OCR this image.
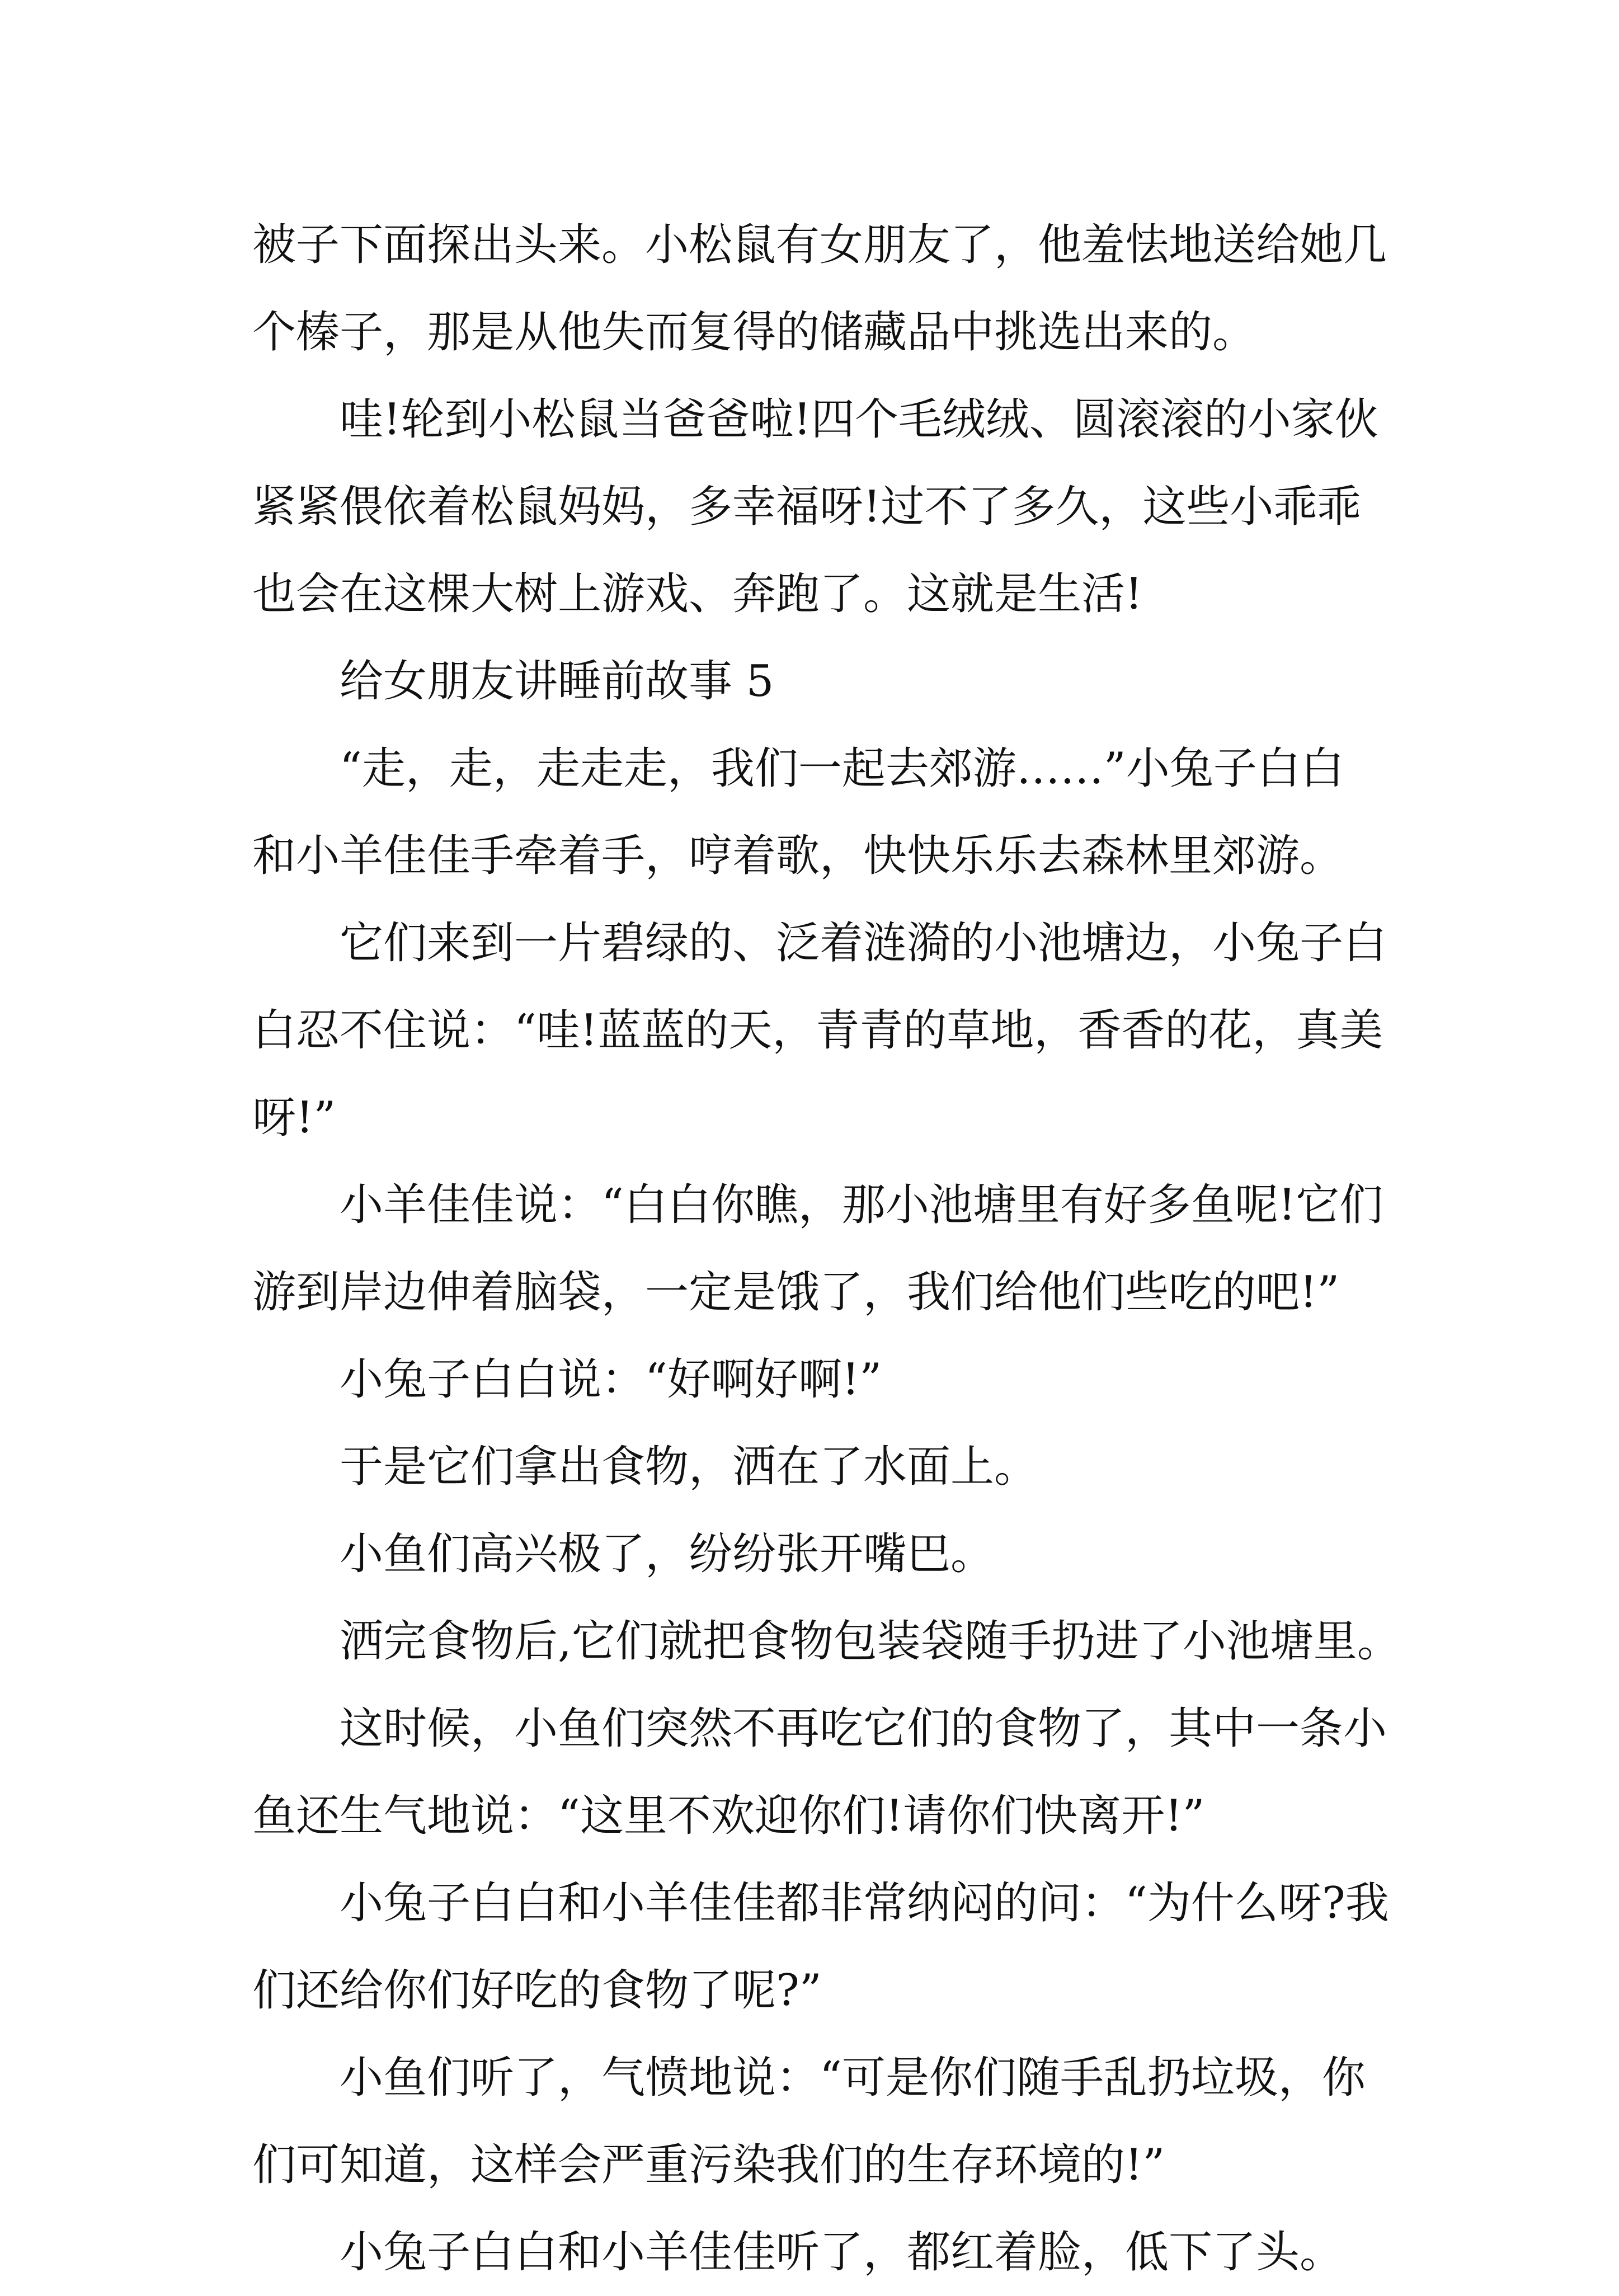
被子下面探出头来。小松鼠有女朋友了，他羞怯地送给她几

个榛子，那是从他失而复得的储藏品中挑选出来的。

哇!轮到小松鼠当爸爸啦!四个毛绒绒、圆滚滚的小家伙

紧紧偎依着松鼠妈妈，多幸福呀!过不了多久，这些小乖乖

也会在这棵大树上游戏、奔跑了。这就是生活!

给女朋友讲睡前故事 5

“走，走，走走走，我们一起去郊游……”小兔子白白

和小羊佳佳手牵着手，哼着歌，快快乐乐去森林里郊游。

它们来到一片碧绿的、泛着涟漪的小池塘边，小兔子白

白忍不住说：“哇!蓝蓝的天，青青的草地，香香的花，真美

呀!”

小羊佳佳说：“白白你瞧，那小池塘里有好多鱼呢!它们

游到岸边伸着脑袋，一定是饿了，我们给他们些吃的吧!”

小兔子白白说：“好啊好啊!”

于是它们拿出食物，洒在了水面上。

小鱼们高兴极了，纷纷张开嘴巴。

洒完食物后,它们就把食物包装袋随手扔进了小池塘里。

这时候，小鱼们突然不再吃它们的食物了，其中一条小

鱼还生气地说：“这里不欢迎你们!请你们快离开!”

小兔子白白和小羊佳佳都非常纳闷的问：“为什么呀?我

们还给你们好吃的食物了呢?”

小鱼们听了，气愤地说：“可是你们随手乱扔垃圾，你

们可知道，这样会严重污染我们的生存环境的!”

小兔子白白和小羊佳佳听了，都红着脸，低下了头。
